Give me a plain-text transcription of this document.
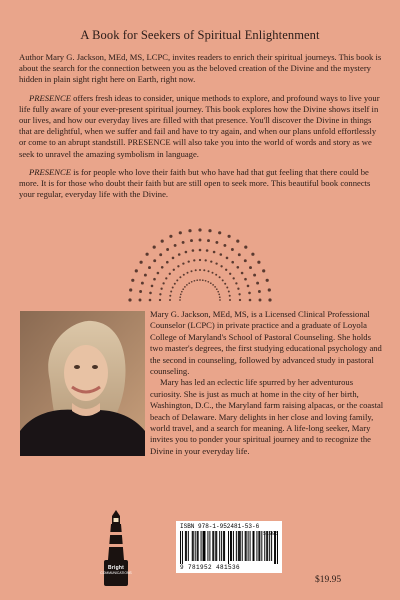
A Book for Seekers of Spiritual Enlightenment

Author Mary G. Jackson, MEd, MS, LCPC, invites readers to enrich their spiritual journeys. This book is about the search for the connection between you as the beloved creation of the Divine and the mystery hidden in plain sight right here on Earth, right now.

PRESENCE offers fresh ideas to consider, unique methods to explore, and profound ways to live your life fully aware of your ever-present spiritual journey. This book explores how the Divine shows itself in our lives, and how our everyday lives are filled with that presence. You'll discover the Divine in things that are delightful, when we suffer and fail and have to try again, and when our plans unfold effortlessly or come to an abrupt standstill. PRESENCE will also take you into the world of words and story as we seek to unravel the amazing symbolism in language.

PRESENCE is for people who love their faith but who have had that gut feeling that there could be more. It is for those who doubt their faith but are still open to seek more. This beautiful book connects your regular, everyday life with the Divine.

Mary G. Jackson, MEd, MS, is a Licensed Clinical Professional Counselor (LCPC) in private practice and a graduate of Loyola College of Maryland's School of Pastoral Counseling. She holds two master's degrees, the first studying educational psychology and the second in counseling, followed by advanced study in pastoral counseling.

Mary has led an eclectic life spurred by her adventurous curiosity. She is just as much at home in the city of her birth, Washington, D.C., the Maryland farm raising alpacas, or the coastal beach of Delaware. Mary delights in her close and loving family, world travel, and a search for meaning. A life-long seeker, Mary invites you to ponder your spiritual journey and to recognize the Divine in your everyday life.

Bright
COMMUNICATIONS
ISBN 978-1-952481-53-6
51995
9 781952 481536
$19.95
